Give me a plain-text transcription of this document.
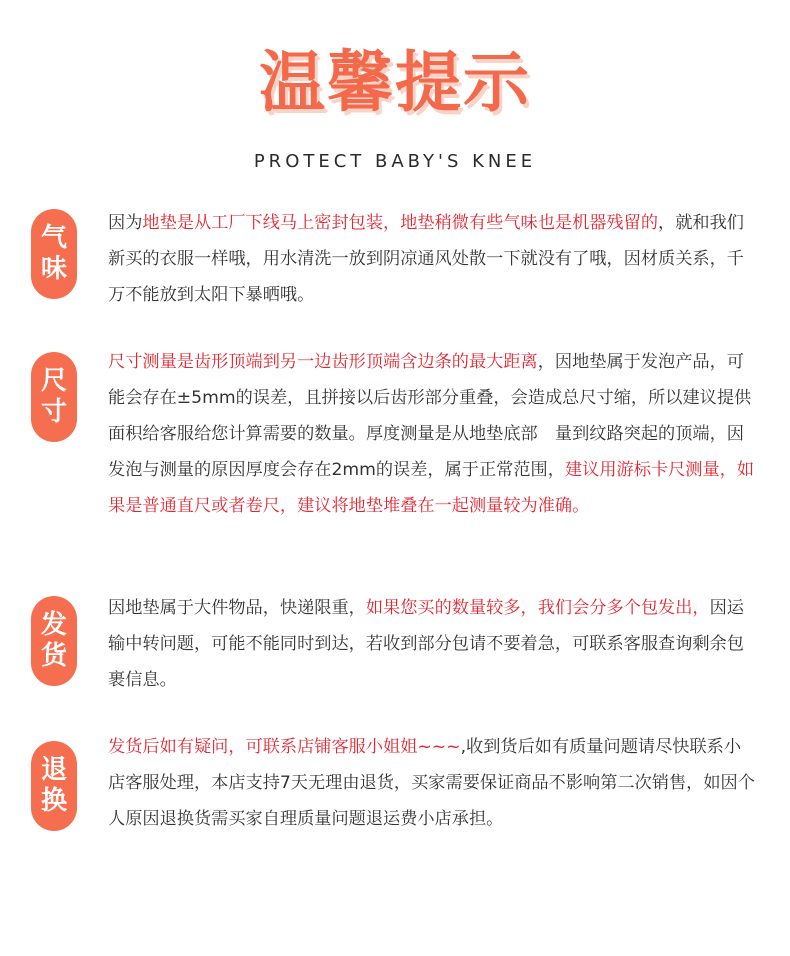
温馨提示
PROTECT BABY'S KNEE
气
味
因为地垫是从工厂下线马上密封包装，地垫稍微有些气味也是机器残留的，就和我们新买的衣服一样哦，用水清洗一放到阴凉通风处散一下就没有了哦，因材质关系，千万不能放到太阳下暴晒哦。
尺
寸
尺寸测量是齿形顶端到另一边齿形顶端含边条的最大距离，因地垫属于发泡产品，可能会存在±5mm的误差，且拼接以后齿形部分重叠，会造成总尺寸缩，所以建议提供面积给客服给您计算需要的数量。厚度测量是从地垫底部　量到纹路突起的顶端，因发泡与测量的原因厚度会存在2mm的误差，属于正常范围，建议用游标卡尺测量，如果是普通直尺或者卷尺，建议将地垫堆叠在一起测量较为准确。
发
货
因地垫属于大件物品，快递限重，如果您买的数量较多，我们会分多个包发出，因运输中转问题，可能不能同时到达，若收到部分包请不要着急，可联系客服查询剩余包裹信息。
退
换
发货后如有疑问，可联系店铺客服小姐姐~~~,收到货后如有质量问题请尽快联系小店客服处理，本店支持7天无理由退货，买家需要保证商品不影响第二次销售，如因个人原因退换货需买家自理质量问题退运费小店承担。
